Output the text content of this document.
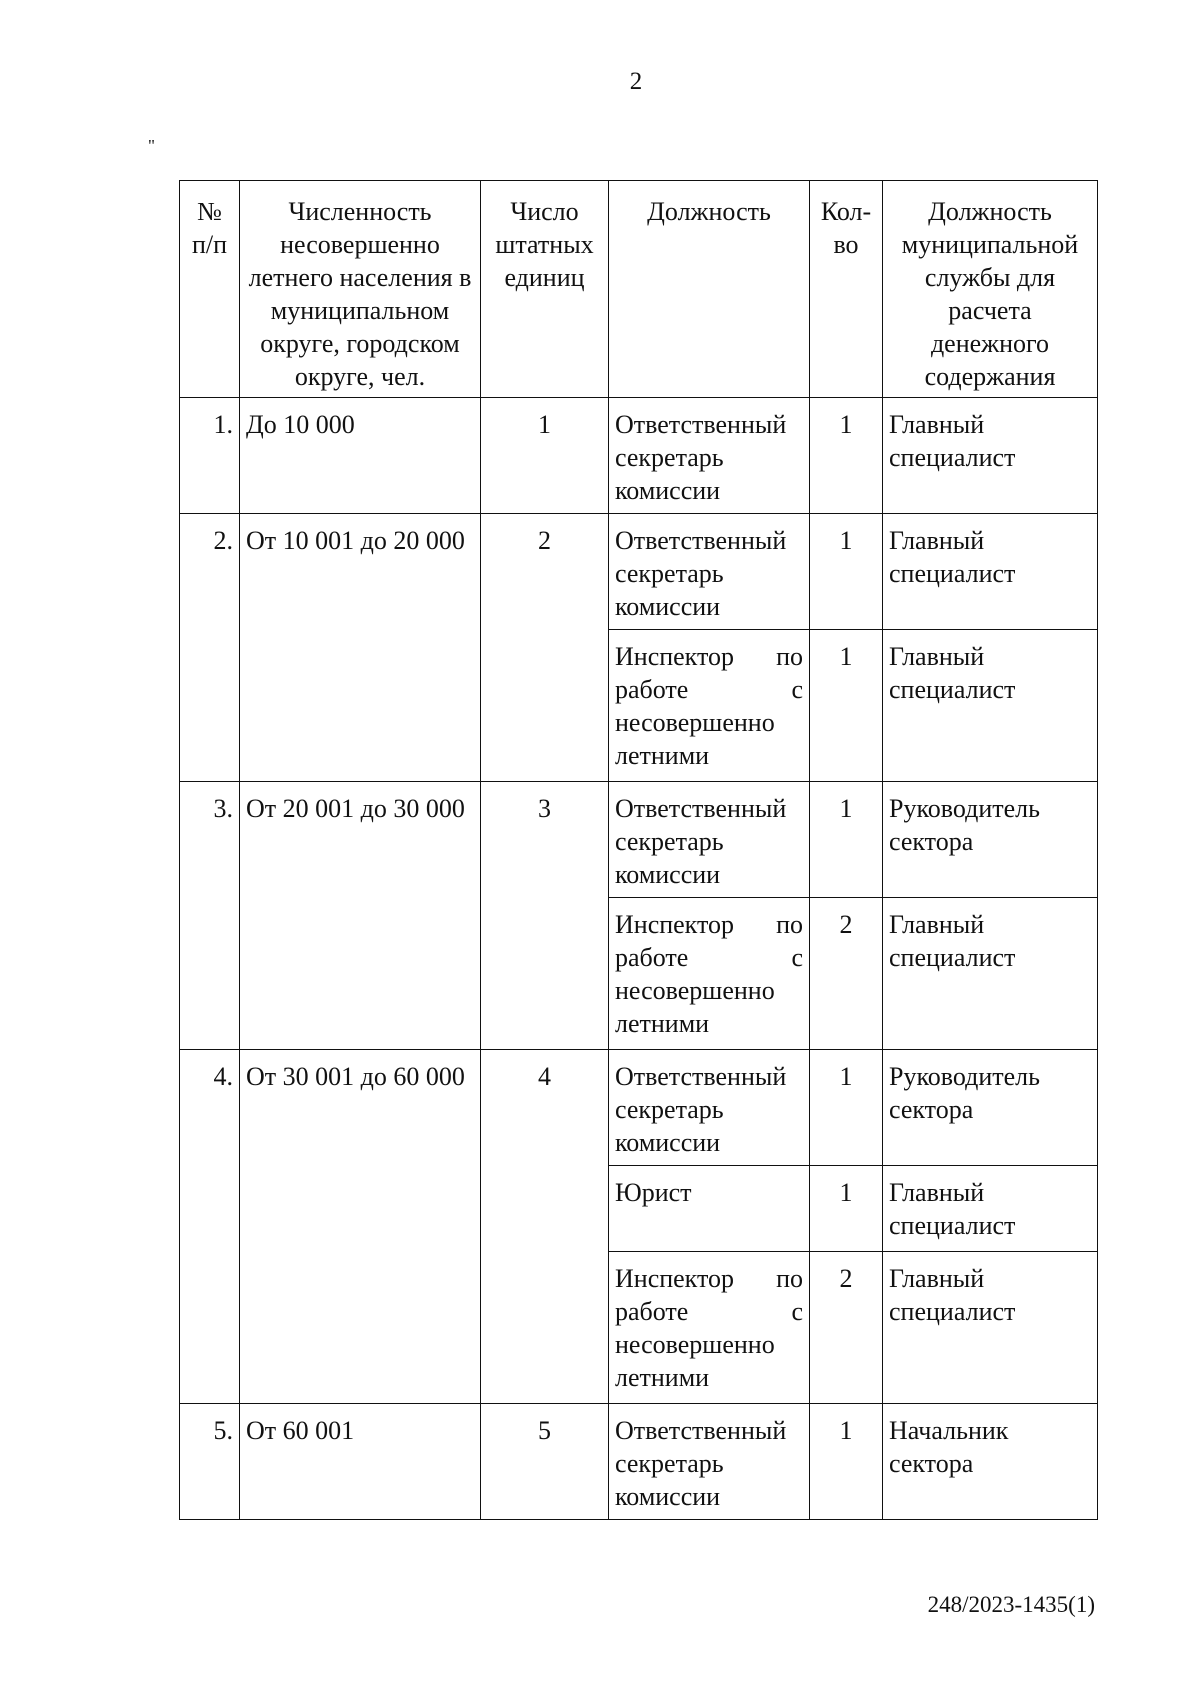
2
"
№ п/п	Численность несовершенно летнего населения в муниципальном округе, городском округе, чел.	Число штатных единиц	Должность	Кол-во	Должность муниципальной службы для расчета денежного содержания
1.	До 10 000	1	Ответственный секретарь комиссии	1	Главный специалист
2.	От 10 001 до 20 000	2	Ответственный секретарь комиссии	1	Главный специалист
			Инспектор по работе с несовершенно летними	1	Главный специалист
3.	От 20 001 до 30 000	3	Ответственный секретарь комиссии	1	Руководитель сектора
			Инспектор по работе с несовершенно летними	2	Главный специалист
4.	От 30 001 до 60 000	4	Ответственный секретарь комиссии	1	Руководитель сектора
			Юрист	1	Главный специалист
			Инспектор по работе с несовершенно летними	2	Главный специалист
5.	От 60 001	5	Ответственный секретарь комиссии	1	Начальник сектора
248/2023-1435(1)
